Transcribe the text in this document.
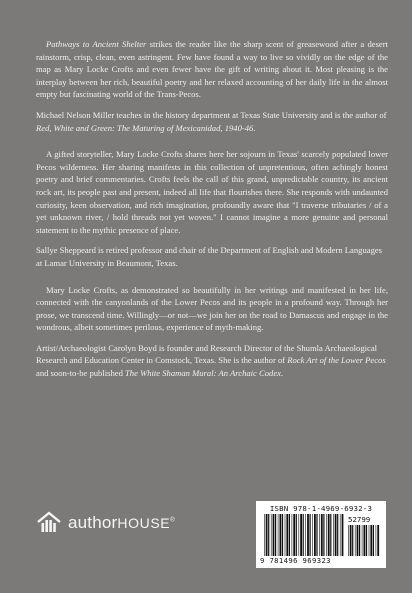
Pathways to Ancient Shelter strikes the reader like the sharp scent of greasewood after a desert rainstorm, crisp, clean, even astringent. Few have found a way to live so vividly on the edge of the map as Mary Locke Crofts and even fewer have the gift of writing about it. Most pleasing is the interplay between her rich, beautiful poetry and her relaxed accounting of her daily life in the almost empty but fascinating world of the Trans-Pecos.

Michael Nelson Miller teaches in the history department at Texas State University and is the author of Red, White and Green: The Maturing of Mexicanidad, 1940-46.

A gifted storyteller, Mary Locke Crofts shares here her sojourn in Texas' scarcely populated lower Pecos wilderness. Her sharing manifests in this collection of unpretentious, often achingly honest poetry and brief commentaries. Crofts feels the call of this grand, unpredictable country, its ancient rock art, its people past and present, indeed all life that flourishes there. She responds with undaunted curiosity, keen observation, and rich imagination, profoundly aware that "I traverse tributaries / of a yet unknown river, / hold threads not yet woven." I cannot imagine a more genuine and personal statement to the mythic presence of place.

Sallye Sheppeard is retired professor and chair of the Department of English and Modern Languages at Lamar University in Beaumont, Texas.

Mary Locke Crofts, as demonstrated so beautifully in her writings and manifested in her life, connected with the canyonlands of the Lower Pecos and its people in a profound way. Through her prose, we transcend time. Willingly—or not—we join her on the road to Damascus and engage in the wondrous, albeit sometimes perilous, experience of myth-making.

Artist/Archaeologist Carolyn Boyd is founder and Research Director of the Shumla Archaeological Research and Education Center in Comstock, Texas. She is the author of Rock Art of the Lower Pecos and soon-to-be published The White Shaman Mural: An Archaic Codex.

authorHOUSE®
ISBN 978-1-4969-6932-3
52799
9 781496 969323
